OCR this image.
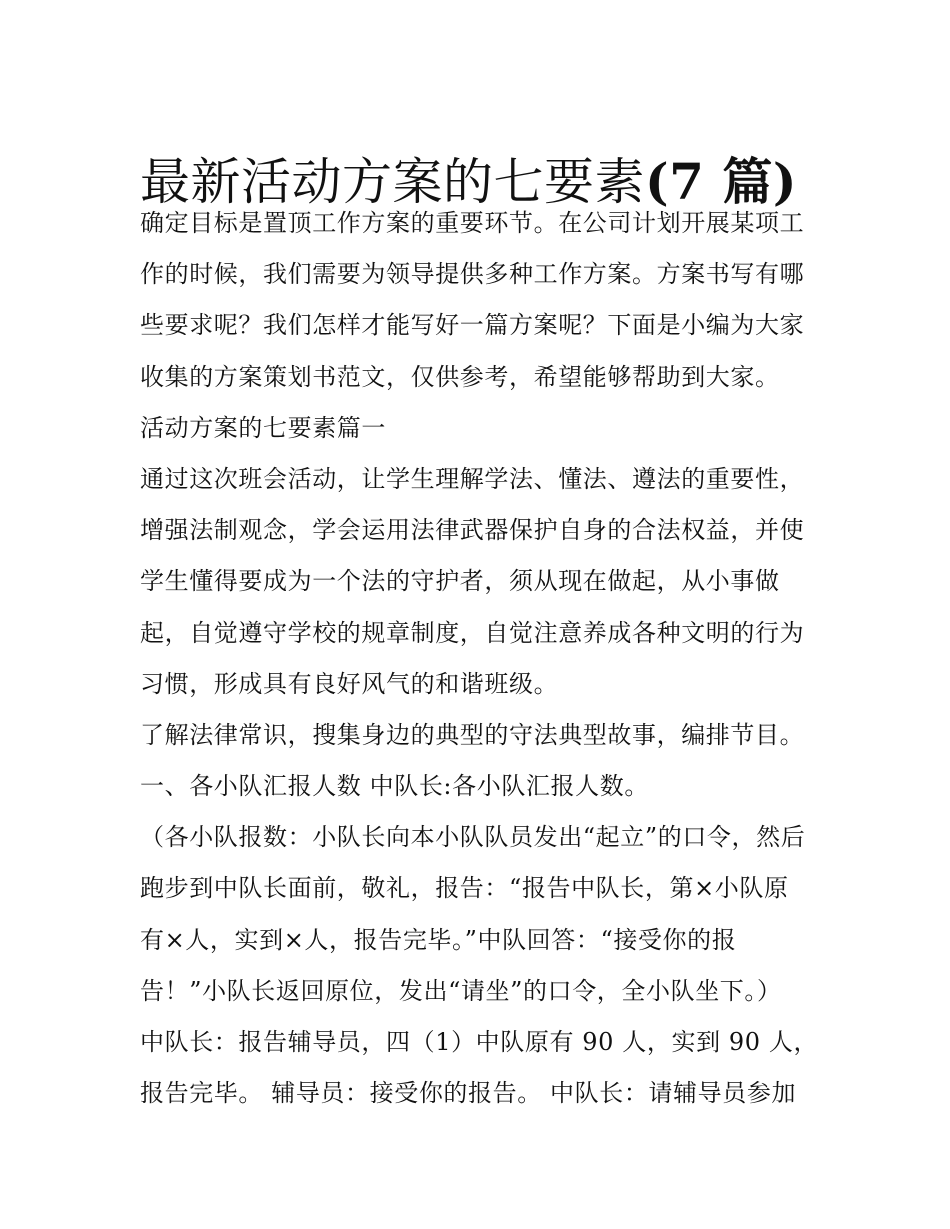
最新活动方案的七要素(7 篇)
确定目标是置顶工作方案的重要环节。在公司计划开展某项工
作的时候，我们需要为领导提供多种工作方案。方案书写有哪
些要求呢？我们怎样才能写好一篇方案呢？下面是小编为大家
收集的方案策划书范文，仅供参考，希望能够帮助到大家。
活动方案的七要素篇一
通过这次班会活动，让学生理解学法、懂法、遵法的重要性，
增强法制观念，学会运用法律武器保护自身的合法权益，并使
学生懂得要成为一个法的守护者，须从现在做起，从小事做
起，自觉遵守学校的规章制度，自觉注意养成各种文明的行为
习惯，形成具有良好风气的和谐班级。
了解法律常识，搜集身边的典型的守法典型故事，编排节目。
一、各小队汇报人数 中队长:各小队汇报人数。
（各小队报数：小队长向本小队队员发出“起立”的口令，然后
跑步到中队长面前，敬礼，报告：“报告中队长，第×小队原
有×人，实到×人，报告完毕。”中队回答：“接受你的报
告！”小队长返回原位，发出“请坐”的口令，全小队坐下。）
中队长：报告辅导员，四（1）中队原有 90 人，实到 90 人，
报告完毕。 辅导员：接受你的报告。 中队长：请辅导员参加
